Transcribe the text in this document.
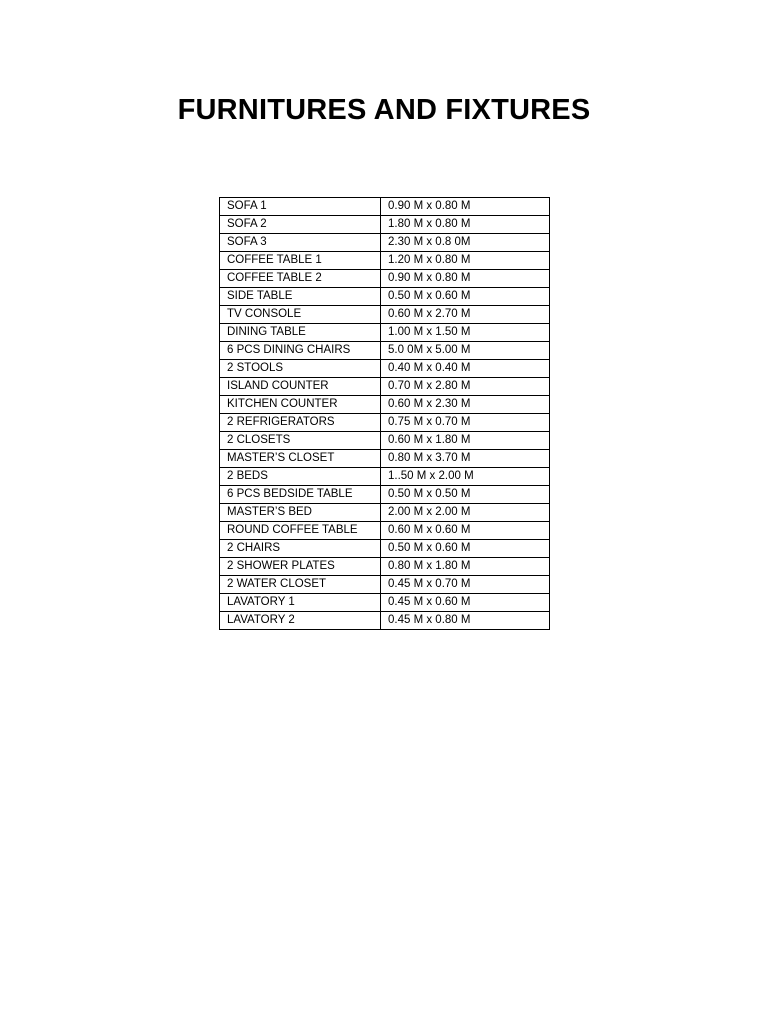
FURNITURES AND FIXTURES
SOFA 1	0.90 M x 0.80 M
SOFA 2	1.80 M x 0.80 M
SOFA 3	2.30 M x 0.8 0M
COFFEE TABLE 1	1.20 M x 0.80 M
COFFEE TABLE 2	0.90 M x 0.80 M
SIDE TABLE	0.50 M x 0.60 M
TV CONSOLE	0.60 M x 2.70 M
DINING TABLE	1.00 M x 1.50 M
6 PCS DINING CHAIRS	5.0 0M x 5.00 M
2 STOOLS	0.40 M x 0.40 M
ISLAND COUNTER	0.70 M x 2.80 M
KITCHEN COUNTER	0.60 M x 2.30 M
2 REFRIGERATORS	0.75 M x 0.70 M
2 CLOSETS	0.60 M x 1.80 M
MASTER’S CLOSET	0.80 M x 3.70 M
2 BEDS	1..50 M x 2.00 M
6 PCS BEDSIDE TABLE	0.50 M x 0.50 M
MASTER’S BED	2.00 M x 2.00 M
ROUND COFFEE TABLE	0.60 M x 0.60 M
2 CHAIRS	0.50 M x 0.60 M
2 SHOWER PLATES	0.80 M x 1.80 M
2 WATER CLOSET	0.45 M x 0.70 M
LAVATORY 1	0.45 M x 0.60 M
LAVATORY 2	0.45 M x 0.80 M
